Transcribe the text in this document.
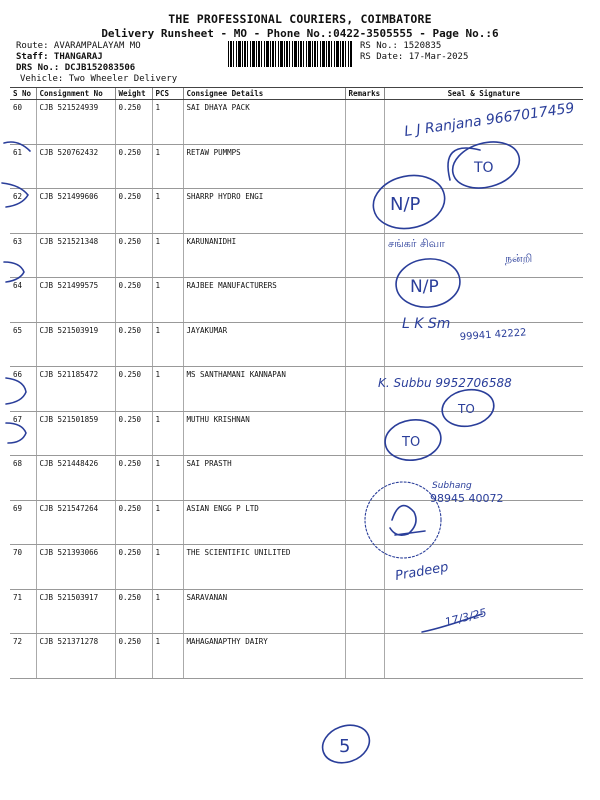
THE PROFESSIONAL COURIERS, COIMBATORE
Delivery Runsheet - MO - Phone No.:0422-3505555 - Page No.:6
Route: AVARAMPALAYAM MO
Staff: THANGARAJ
DRS No.: DCJB152083506
Vehicle: Two Wheeler Delivery
RS No.: 1520835
RS Date: 17-Mar-2025
S No	Consignment No	Weight	PCS	Consignee Details	Remarks	Seal & Signature
60	CJB 521524939	0.250	1	SAI DHAYA PACK		
61	CJB 520762432	0.250	1	RETAW PUMMPS		
62	CJB 521499606	0.250	1	SHARRP HYDRO ENGI		
63	CJB 521521348	0.250	1	KARUNANIDHI		
64	CJB 521499575	0.250	1	RAJBEE MANUFACTURERS		
65	CJB 521503919	0.250	1	JAYAKUMAR		
66	CJB 521185472	0.250	1	MS SANTHAMANI KANNAPAN		
67	CJB 521501859	0.250	1	MUTHU KRISHNAN		
68	CJB 521448426	0.250	1	SAI PRASTH		
69	CJB 521547264	0.250	1	ASIAN ENGG P LTD		
70	CJB 521393066	0.250	1	THE SCIENTIFIC UNILITED		
71	CJB 521503917	0.250	1	SARAVANAN		
72	CJB 521371278	0.250	1	MAHAGANAPTHY DAIRY		
L J Ranjana 9667017459
TO
N/P
சங்கர் சிவா
நன்றி
N/P
L K Sm
99941 42222
K. Subbu 9952706588
TO
TO
Subhang
98945 40072
Pradeep
17/3/25
5
